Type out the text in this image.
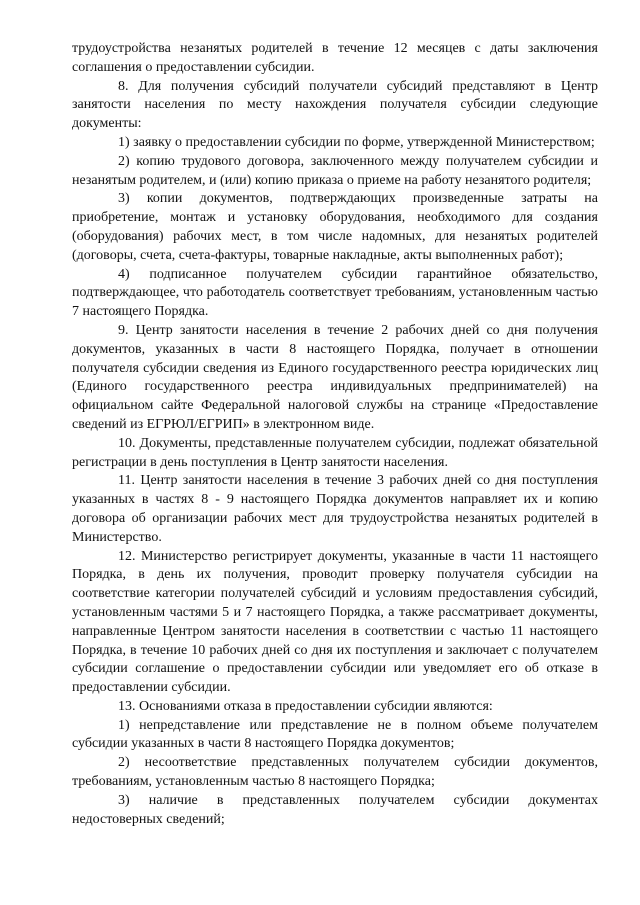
трудоустройства незанятых родителей в течение 12 месяцев с даты заключения соглашения о предоставлении субсидии.

8. Для получения субсидий получатели субсидий представляют в Центр занятости населения по месту нахождения получателя субсидии следующие документы:

1) заявку о предоставлении субсидии по форме, утвержденной Министерством;

2) копию трудового договора, заключенного между получателем субсидии и незанятым родителем, и (или) копию приказа о приеме на работу незанятого родителя;

3) копии документов, подтверждающих произведенные затраты на приобретение, монтаж и установку оборудования, необходимого для создания (оборудования) рабочих мест, в том числе надомных, для незанятых родителей (договоры, счета, счета-фактуры, товарные накладные, акты выполненных работ);

4) подписанное получателем субсидии гарантийное обязательство, подтверждающее, что работодатель соответствует требованиям, установленным частью 7 настоящего Порядка.

9. Центр занятости населения в течение 2 рабочих дней со дня получения документов, указанных в части 8 настоящего Порядка, получает в отношении получателя субсидии сведения из Единого государственного реестра юридических лиц (Единого государственного реестра индивидуальных предпринимателей) на официальном сайте Федеральной налоговой службы на странице «Предоставление сведений из ЕГРЮЛ/ЕГРИП» в электронном виде.

10. Документы, представленные получателем субсидии, подлежат обязательной регистрации в день поступления в Центр занятости населения.

11. Центр занятости населения в течение 3 рабочих дней со дня поступления указанных в частях 8 - 9 настоящего Порядка документов направляет их и копию договора об организации рабочих мест для трудоустройства незанятых родителей в Министерство.

12. Министерство регистрирует документы, указанные в части 11 настоящего Порядка, в день их получения, проводит проверку получателя субсидии на соответствие категории получателей субсидий и условиям предоставления субсидий, установленным частями 5 и 7 настоящего Порядка, а также рассматривает документы, направленные Центром занятости населения в соответствии с частью 11 настоящего Порядка, в течение 10 рабочих дней со дня их поступления и заключает с получателем субсидии соглашение о предоставлении субсидии или уведомляет его об отказе в предоставлении субсидии.

13. Основаниями отказа в предоставлении субсидии являются:

1) непредставление или представление не в полном объеме получателем субсидии указанных в части 8 настоящего Порядка документов;

2) несоответствие представленных получателем субсидии документов, требованиям, установленным частью 8 настоящего Порядка;

3) наличие в представленных получателем субсидии документах недостоверных сведений;
